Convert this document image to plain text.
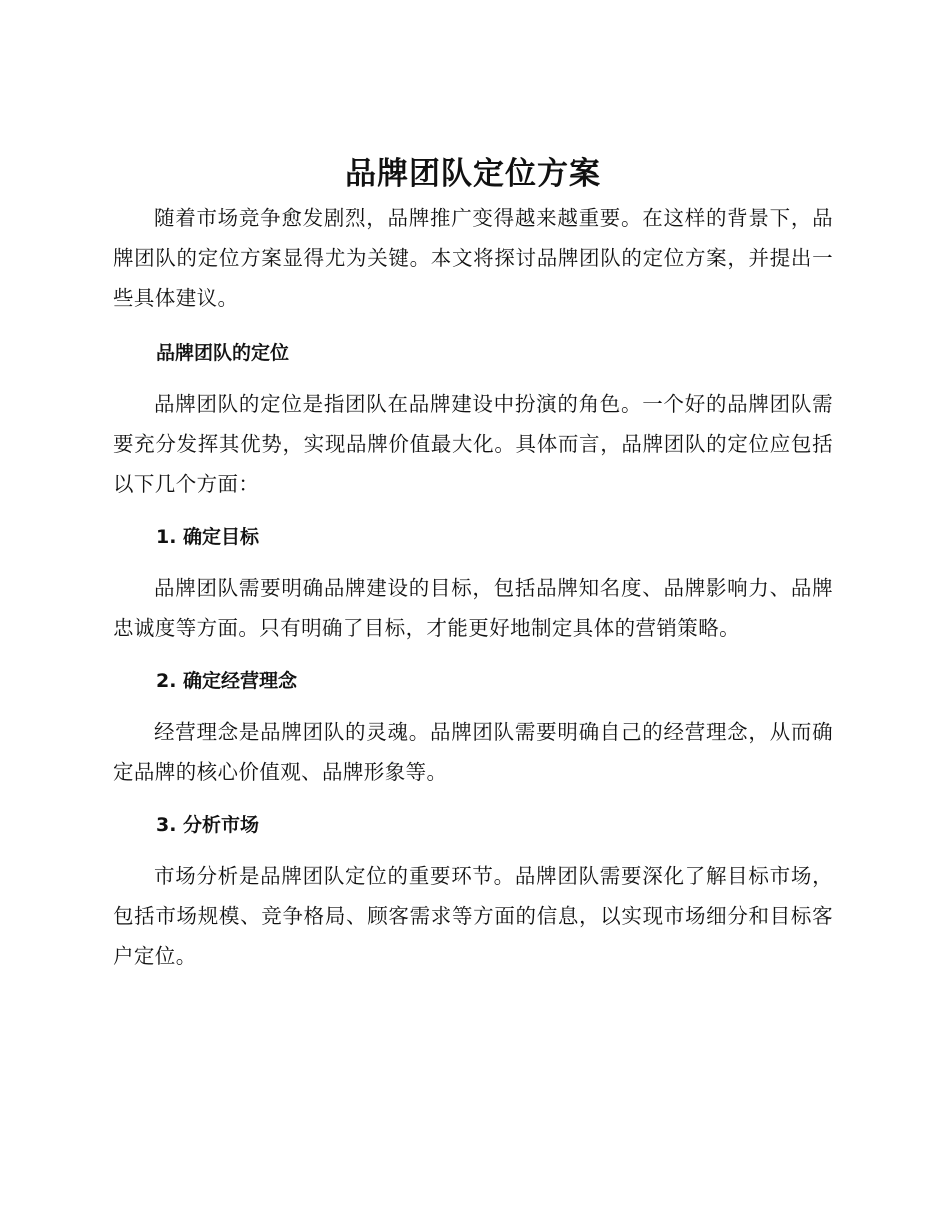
品牌团队定位方案

随着市场竞争愈发剧烈，品牌推广变得越来越重要。在这样的背景下，品牌团队的定位方案显得尤为关键。本文将探讨品牌团队的定位方案，并提出一些具体建议。

品牌团队的定位

品牌团队的定位是指团队在品牌建设中扮演的角色。一个好的品牌团队需要充分发挥其优势，实现品牌价值最大化。具体而言，品牌团队的定位应包括以下几个方面：

1. 确定目标

品牌团队需要明确品牌建设的目标，包括品牌知名度、品牌影响力、品牌忠诚度等方面。只有明确了目标，才能更好地制定具体的营销策略。

2. 确定经营理念

经营理念是品牌团队的灵魂。品牌团队需要明确自己的经营理念，从而确定品牌的核心价值观、品牌形象等。

3. 分析市场

市场分析是品牌团队定位的重要环节。品牌团队需要深化了解目标市场，包括市场规模、竞争格局、顾客需求等方面的信息，以实现市场细分和目标客户定位。
